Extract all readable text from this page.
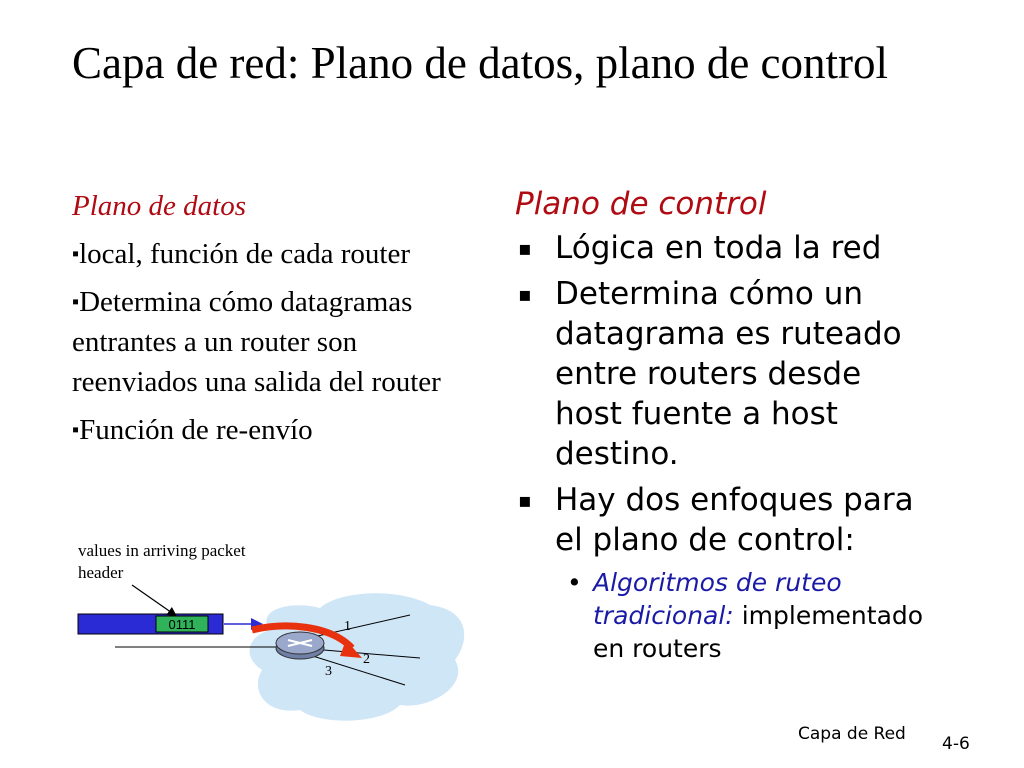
Capa de red: Plano de datos, plano de control
Plano de datos
▪local, función de cada router
▪Determina cómo datagramas entrantes a un router son reenviados una salida del router
▪Función de re-envío
values in arriving packet header
0111	1
2
3
Plano de control
▪ Lógica en toda la red
▪ Determina cómo un datagrama es ruteado entre routers desde host fuente a host destino.
▪ Hay dos enfoques para el plano de control:
• Algoritmos de ruteo tradicional: implementado en routers
Capa de Red 4-6
